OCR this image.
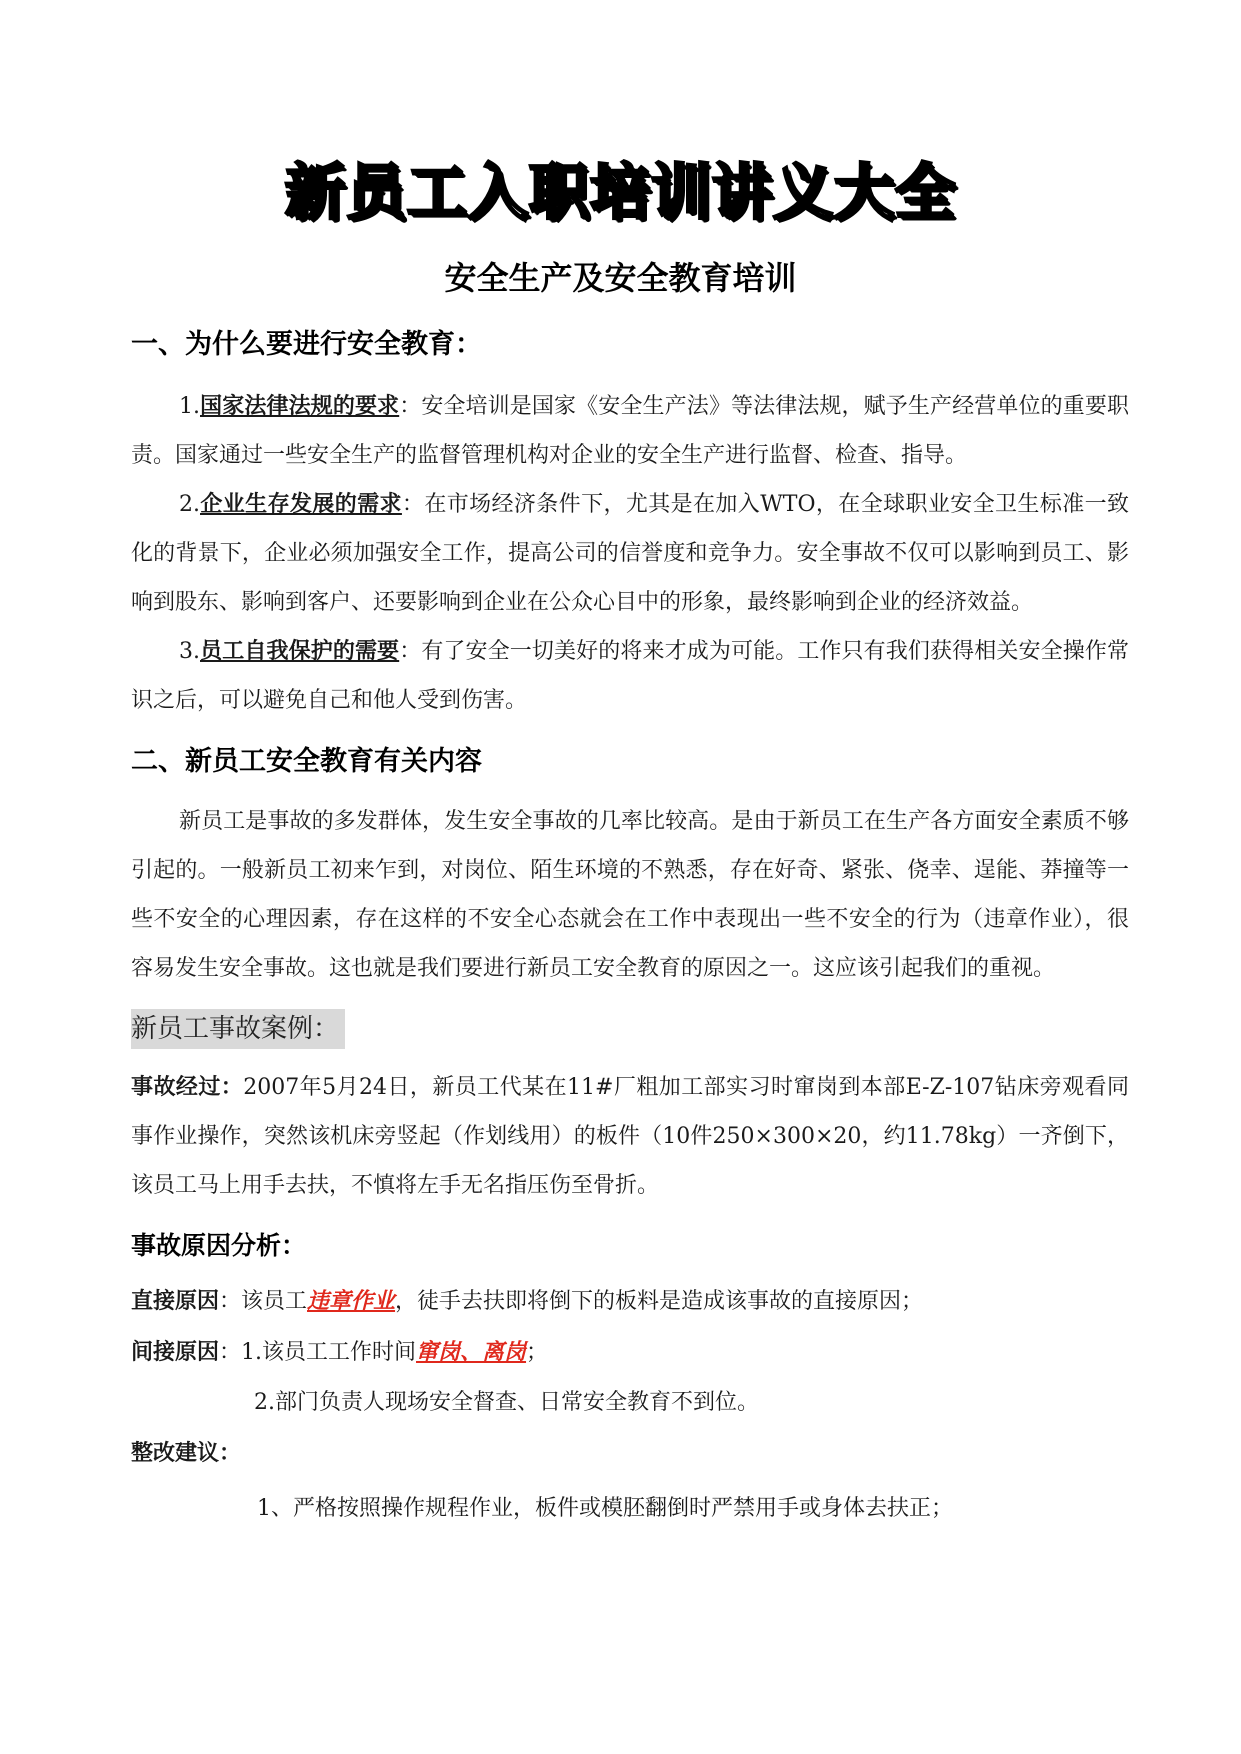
新员工入职培训讲义大全
安全生产及安全教育培训
一、为什么要进行安全教育：

1.国家法律法规的要求：安全培训是国家《安全生产法》等法律法规，赋予生产经营单位的重要职责。国家通过一些安全生产的监督管理机构对企业的安全生产进行监督、检查、指导。

2.企业生存发展的需求：在市场经济条件下，尤其是在加入WTO，在全球职业安全卫生标准一致化的背景下，企业必须加强安全工作，提高公司的信誉度和竞争力。安全事故不仅可以影响到员工、影响到股东、影响到客户、还要影响到企业在公众心目中的形象，最终影响到企业的经济效益。

3.员工自我保护的需要：有了安全一切美好的将来才成为可能。工作只有我们获得相关安全操作常识之后，可以避免自己和他人受到伤害。

二、新员工安全教育有关内容

新员工是事故的多发群体，发生安全事故的几率比较高。是由于新员工在生产各方面安全素质不够引起的。一般新员工初来乍到，对岗位、陌生环境的不熟悉，存在好奇、紧张、侥幸、逞能、莽撞等一些不安全的心理因素，存在这样的不安全心态就会在工作中表现出一些不安全的行为（违章作业），很容易发生安全事故。这也就是我们要进行新员工安全教育的原因之一。这应该引起我们的重视。

新员工事故案例：

事故经过：2007年5月24日，新员工代某在11#厂粗加工部实习时窜岗到本部E-Z-107钻床旁观看同事作业操作，突然该机床旁竖起（作划线用）的板件（10件250×300×20，约11.78kg）一齐倒下，该员工马上用手去扶，不慎将左手无名指压伤至骨折。

事故原因分析：

直接原因：该员工违章作业，徒手去扶即将倒下的板料是造成该事故的直接原因；

间接原因：1.该员工工作时间窜岗、离岗；

2.部门负责人现场安全督查、日常安全教育不到位。

整改建议：

1、严格按照操作规程作业，板件或模胚翻倒时严禁用手或身体去扶正；
